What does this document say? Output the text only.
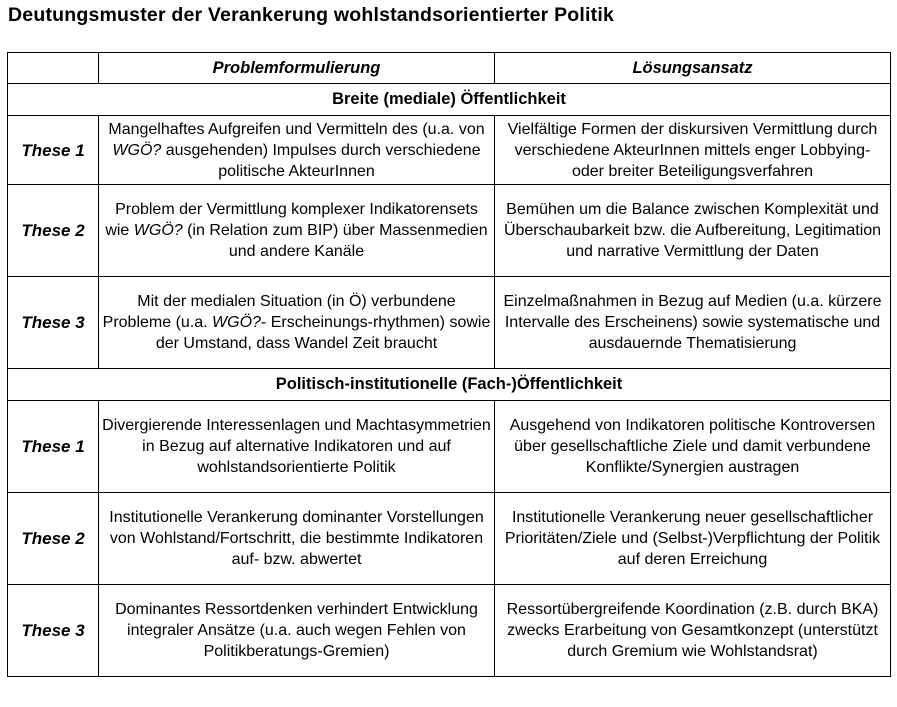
Deutungsmuster der Verankerung wohlstandsorientierter Politik
	Problemformulierung	Lösungsansatz
Breite (mediale) Öffentlichkeit		
These 1	Mangelhaftes Aufgreifen und Vermitteln des (u.a. von WGÖ? ausgehenden) Impulses durch verschiedene politische AkteurInnen	Vielfältige Formen der diskursiven Vermittlung durch verschiedene AkteurInnen mittels enger Lobbying- oder breiter Beteiligungsverfahren
These 2	Problem der Vermittlung komplexer Indikatorensets wie WGÖ? (in Relation zum BIP) über Massenmedien und andere Kanäle	Bemühen um die Balance zwischen Komplexität und Überschaubarkeit bzw. die Aufbereitung, Legitimation und narrative Vermittlung der Daten
These 3	Mit der medialen Situation (in Ö) verbundene Probleme (u.a. WGÖ?- Erscheinungs-rhythmen) sowie der Umstand, dass Wandel Zeit braucht	Einzelmaßnahmen in Bezug auf Medien (u.a. kürzere Intervalle des Erscheinens) sowie systematische und ausdauernde Thematisierung
Politisch-institutionelle (Fach-)Öffentlichkeit		
These 1	Divergierende Interessenlagen und Machtasymmetrien in Bezug auf alternative Indikatoren und auf wohlstandsorientierte Politik	Ausgehend von Indikatoren politische Kontroversen über gesellschaftliche Ziele und damit verbundene Konflikte/Synergien austragen
These 2	Institutionelle Verankerung dominanter Vorstellungen von Wohlstand/Fortschritt, die bestimmte Indikatoren auf- bzw. abwertet	Institutionelle Verankerung neuer gesellschaftlicher Prioritäten/Ziele und (Selbst-)Verpflichtung der Politik auf deren Erreichung
These 3	Dominantes Ressortdenken verhindert Entwicklung integraler Ansätze (u.a. auch wegen Fehlen von Politikberatungs-Gremien)	Ressortübergreifende Koordination (z.B. durch BKA) zwecks Erarbeitung von Gesamtkonzept (unterstützt durch Gremium wie Wohlstandsrat)
